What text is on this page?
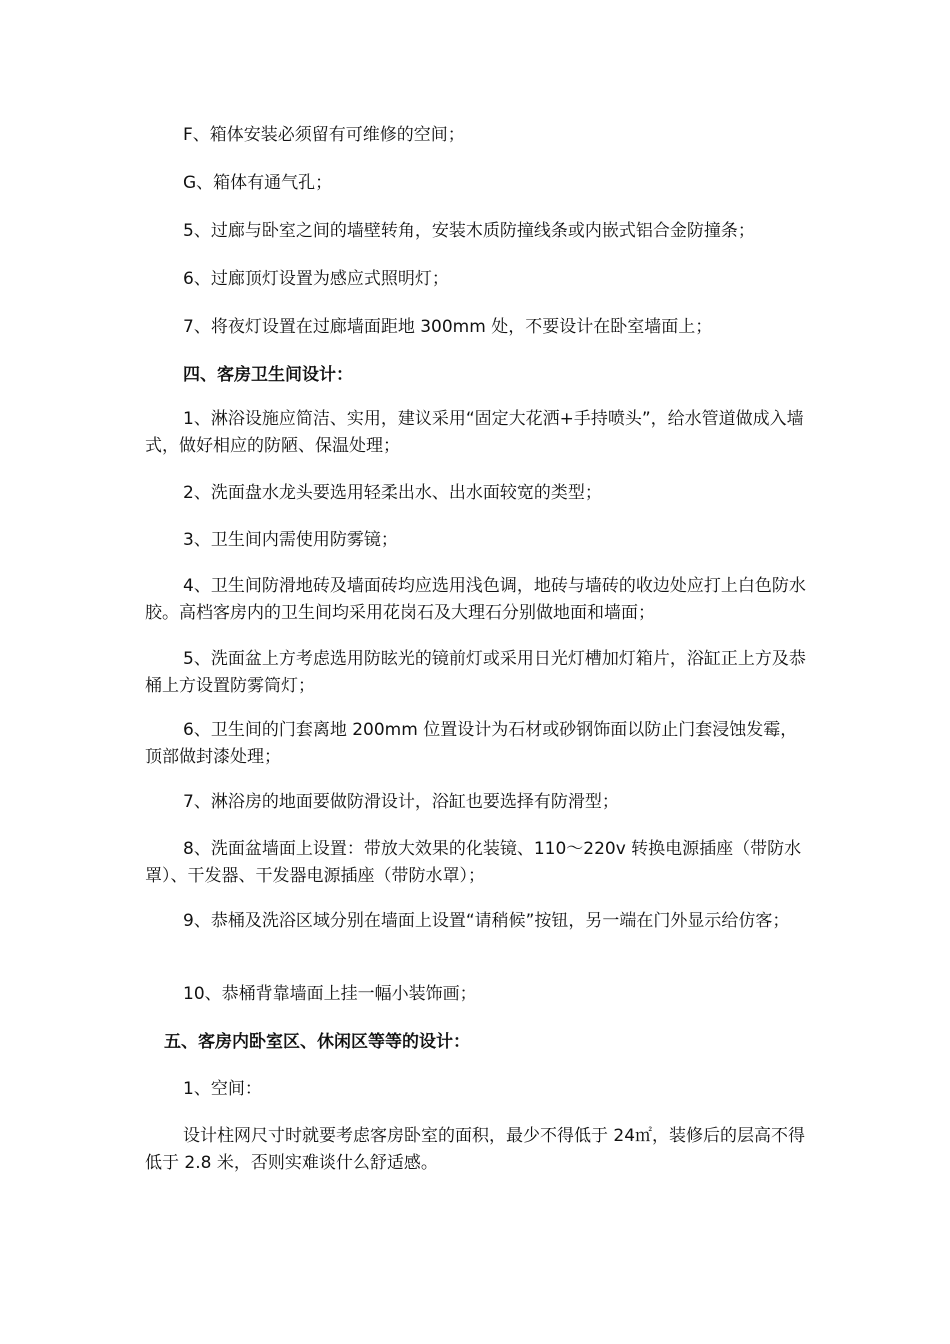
F、箱体安装必须留有可维修的空间；

G、箱体有通气孔；

5、过廊与卧室之间的墙壁转角，安装木质防撞线条或内嵌式铝合金防撞条；

6、过廊顶灯设置为感应式照明灯；

7、将夜灯设置在过廊墙面距地 300mm 处，不要设计在卧室墙面上；

四、客房卫生间设计：

1、淋浴设施应简洁、实用，建议采用“固定大花洒+手持喷头”，给水管道做成入墙式，做好相应的防陋、保温处理；

2、洗面盘水龙头要选用轻柔出水、出水面较宽的类型；

3、卫生间内需使用防雾镜；

4、卫生间防滑地砖及墙面砖均应选用浅色调，地砖与墙砖的收边处应打上白色防水胶。高档客房内的卫生间均采用花岗石及大理石分别做地面和墙面；

5、洗面盆上方考虑选用防眩光的镜前灯或采用日光灯槽加灯箱片，浴缸正上方及恭桶上方设置防雾筒灯；

6、卫生间的门套离地 200mm 位置设计为石材或砂钢饰面以防止门套浸蚀发霉，顶部做封漆处理；

7、淋浴房的地面要做防滑设计，浴缸也要选择有防滑型；

8、洗面盆墙面上设置：带放大效果的化装镜、110～220v 转换电源插座（带防水罩）、干发器、干发器电源插座（带防水罩）；

9、恭桶及洗浴区域分别在墙面上设置“请稍候”按钮，另一端在门外显示给仿客；

10、恭桶背靠墙面上挂一幅小装饰画；

五、客房内卧室区、休闲区等等的设计：

1、空间：

设计柱网尺寸时就要考虑客房卧室的面积，最少不得低于 24㎡，装修后的层高不得低于 2.8 米，否则实难谈什么舒适感。
